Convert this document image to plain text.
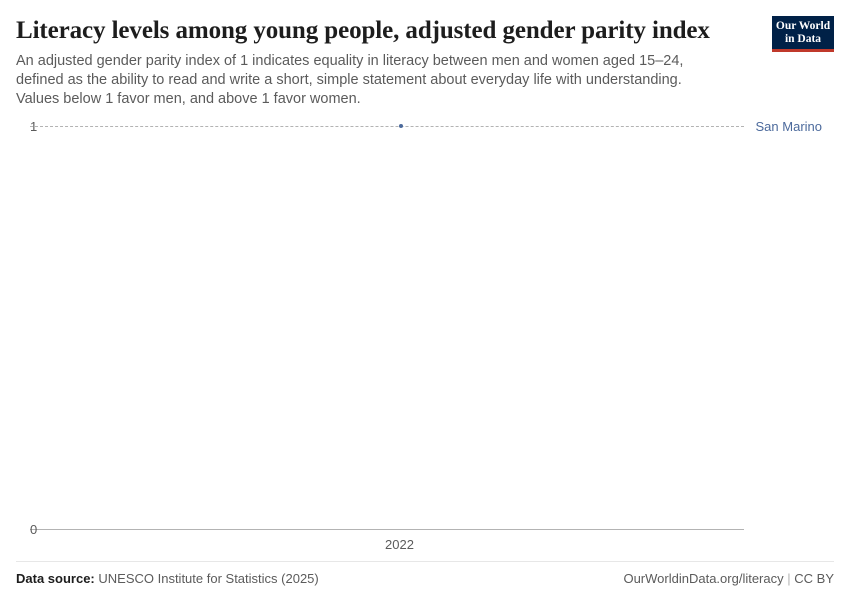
Literacy levels among young people, adjusted gender parity index

An adjusted gender parity index of 1 indicates equality in literacy between men and women aged 15–24, defined as the ability to read and write a short, simple statement about everyday life with understanding. Values below 1 favor men, and above 1 favor women.

Our World
in Data
1
0
2022
San Marino
Data source: UNESCO Institute for Statistics (2025)	OurWorldinData.org/literacy | CC BY
